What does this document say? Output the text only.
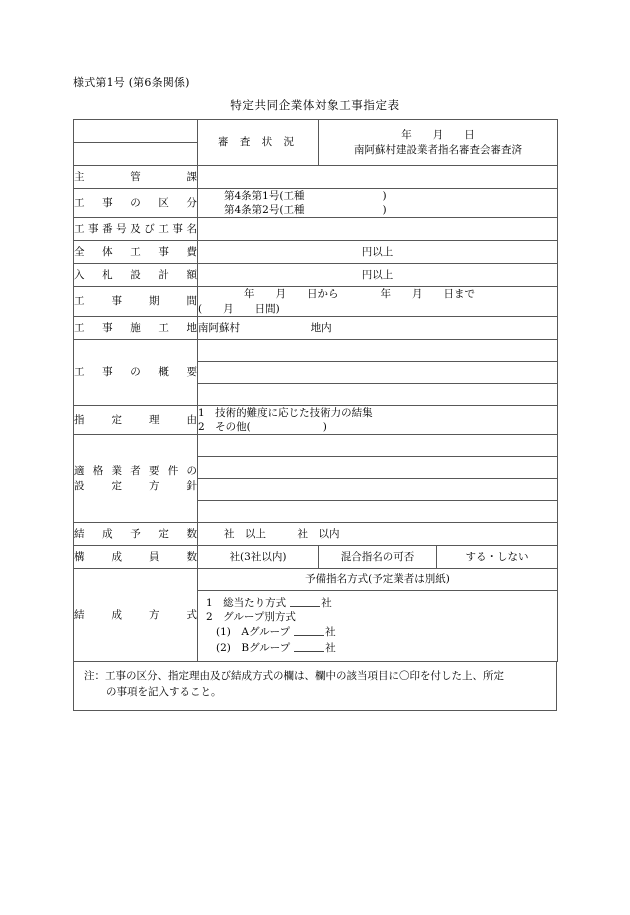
様式第1号 (第6条関係)
特定共同企業体対象工事指定表
	審 査 状 況	年　　月　　日
南阿蘇村建設業者指名審査会審査済	

主管課			

工事の区分	第4条第1号(工種 )
第4条第2号(工種 )		

工事番号及び工事名			

全体工事費	円以上		

入札設計額	円以上		

工事期間	年　　月　　日から　　　　年　　月　　日まで
(　　月　　日間)		

工事施工地	南阿蘇村 地内		

工事の概要			

指定理由	1　技術的難度に応じた技術力の結集
2　その他( )		

適格業者要件の
設定方針			

結成予定数	社　以上　　　社　以内		

構成員数	社(3社以内)	混合指名の可否	する・しない

結成方式	予備指名方式(予定業者は別紙)		

	1　総当たり方式 社
2　グループ別方式
(1)　Aグループ 社
(2)　Bグループ 社		
注：工事の区分、指定理由及び結成方式の欄は、欄中の該当項目に〇印を付した上、所定
の事項を記入すること。
